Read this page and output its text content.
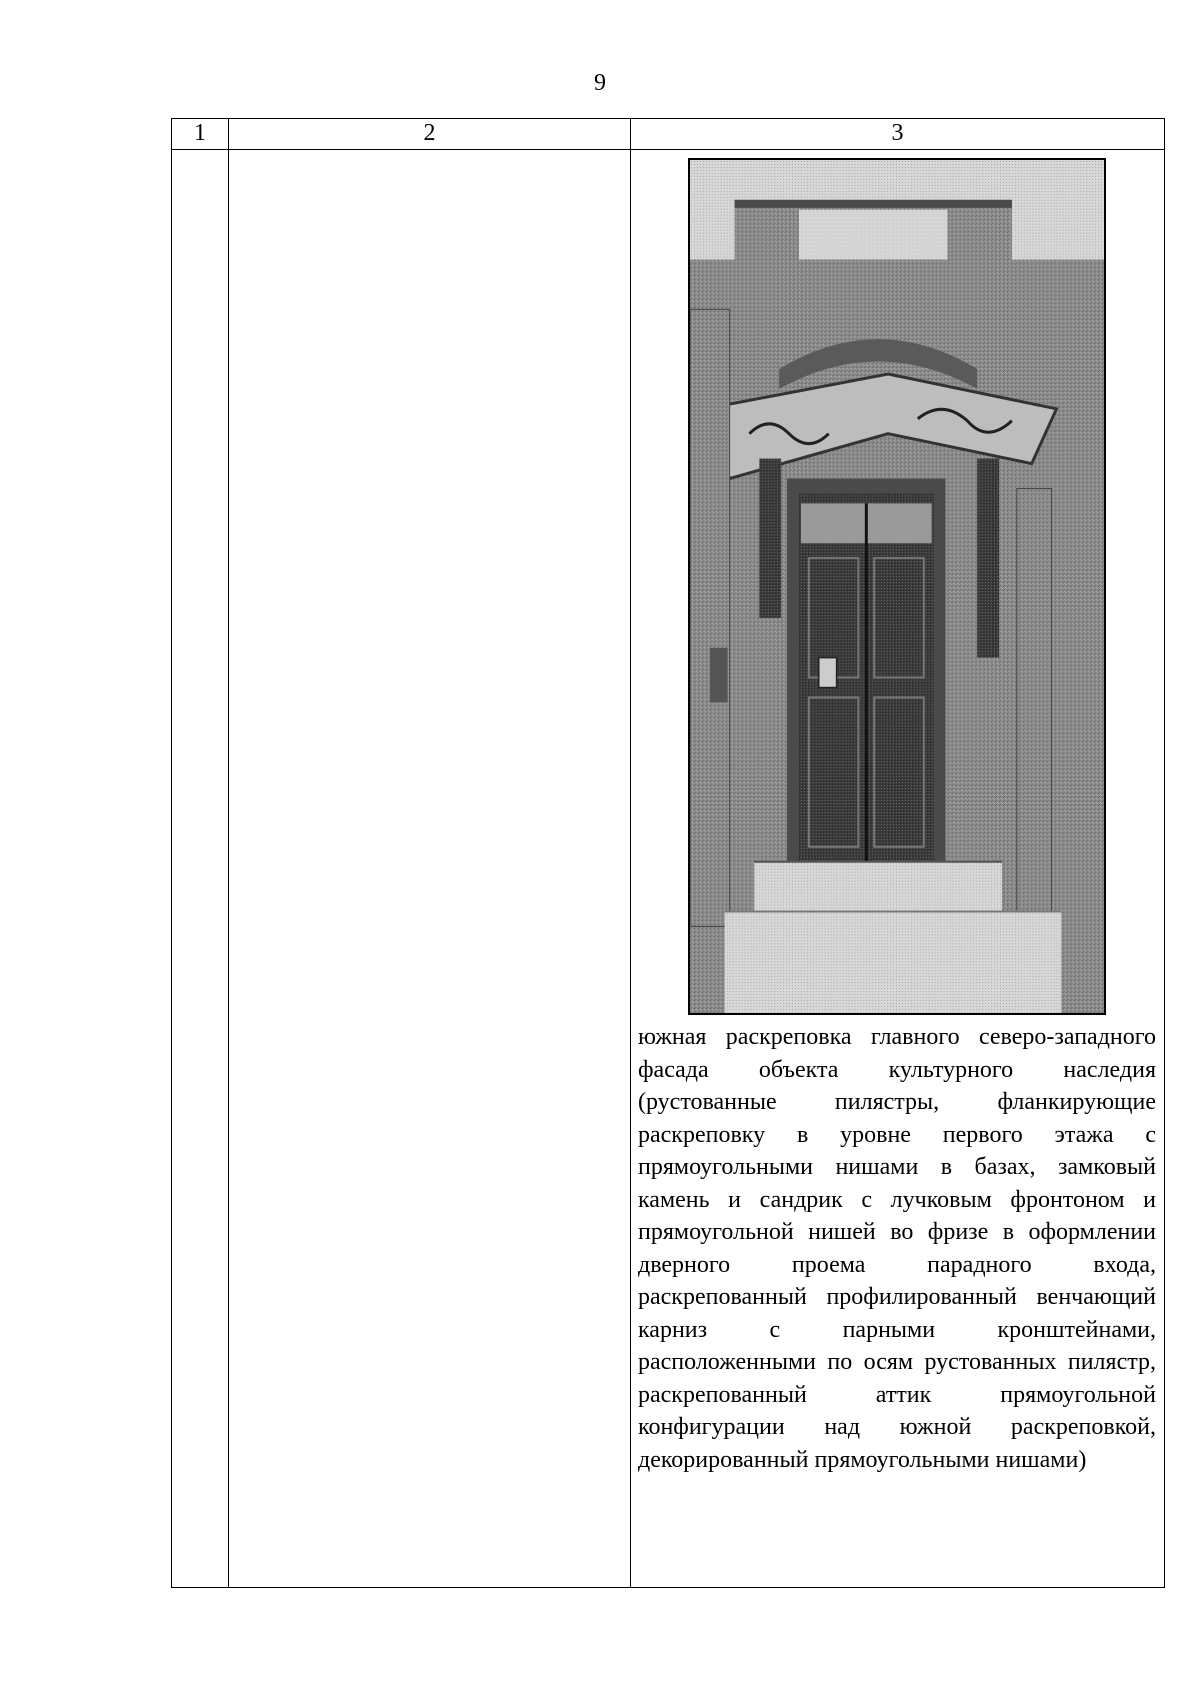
9
1	2	3

		южная раскреповка главного северо-западного фасада объекта культурного наследия (рустованные пилястры, фланкирующие раскреповку в уровне первого этажа с прямоугольными нишами в базах, замковый камень и сандрик с лучковым фронтоном и прямоугольной нишей во фризе в оформлении дверного проема парадного входа, раскрепованный профилированный венчающий карниз с парными кронштейнами, расположенными по осям рустованных пилястр, раскрепованный аттик прямоугольной конфигурации над южной раскреповкой, декорированный прямоугольными нишами)
